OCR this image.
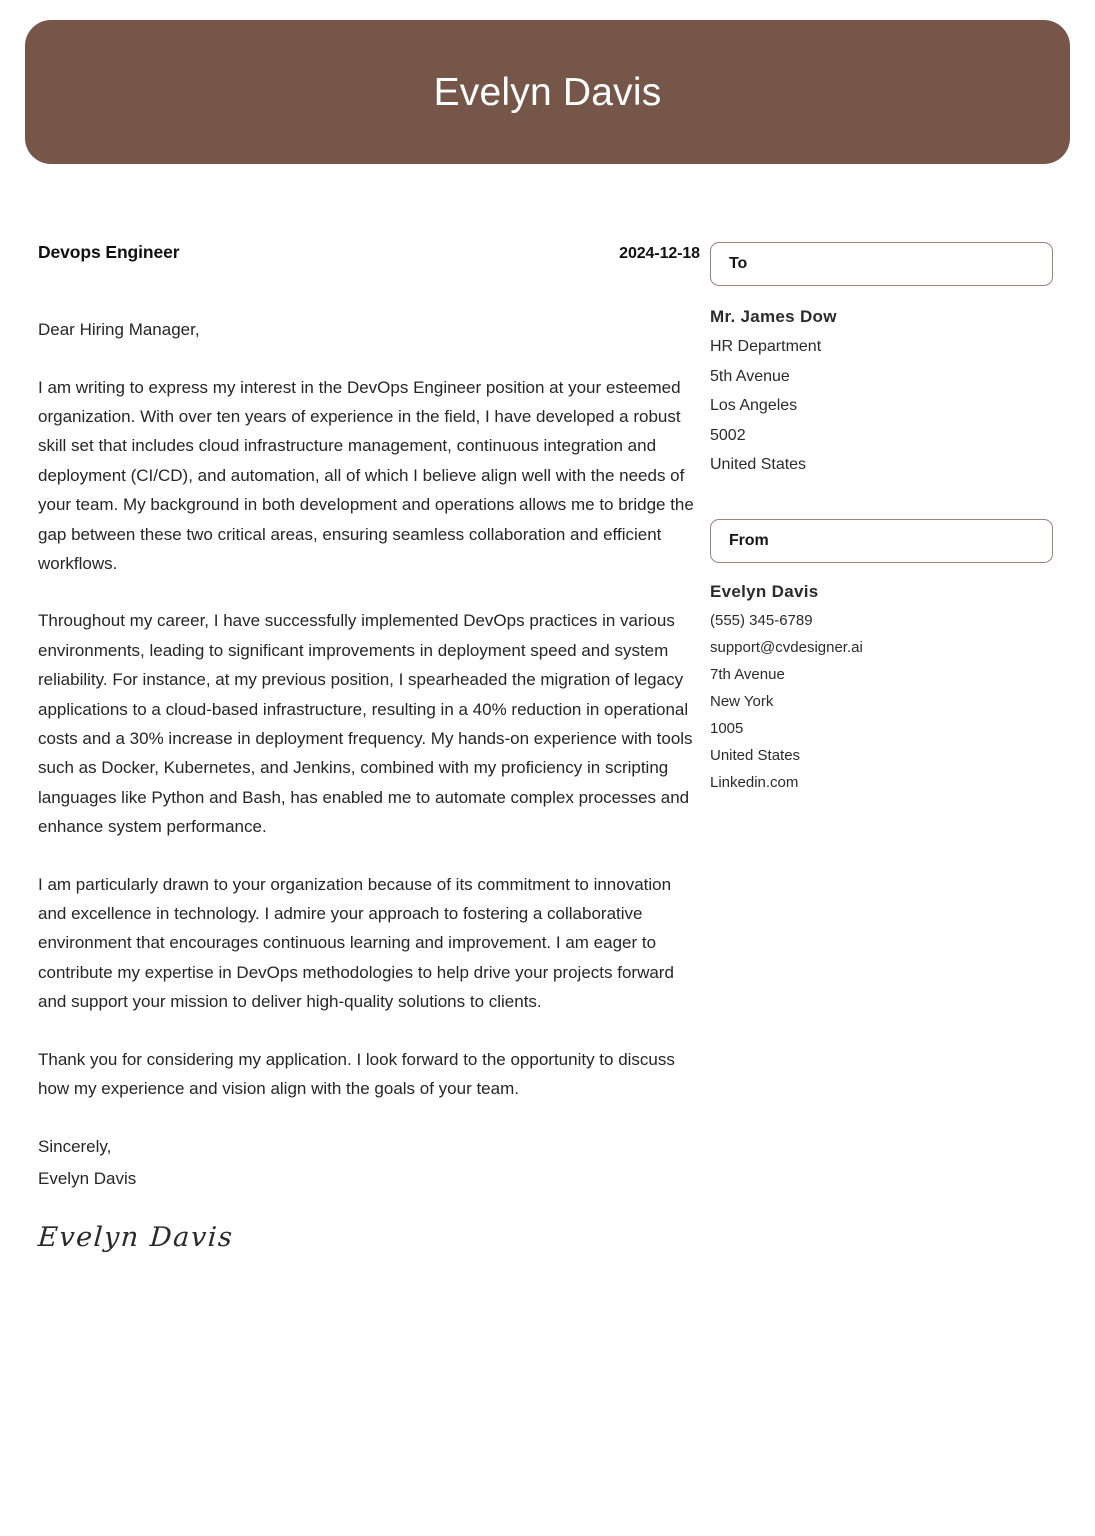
Evelyn Davis
Devops Engineer	2024-12-18
Dear Hiring Manager,

I am writing to express my interest in the DevOps Engineer position at your esteemed organization. With over ten years of experience in the field, I have developed a robust skill set that includes cloud infrastructure management, continuous integration and deployment (CI/CD), and automation, all of which I believe align well with the needs of your team. My background in both development and operations allows me to bridge the gap between these two critical areas, ensuring seamless collaboration and efficient workflows.

Throughout my career, I have successfully implemented DevOps practices in various environments, leading to significant improvements in deployment speed and system reliability. For instance, at my previous position, I spearheaded the migration of legacy applications to a cloud-based infrastructure, resulting in a 40% reduction in operational costs and a 30% increase in deployment frequency. My hands-on experience with tools such as Docker, Kubernetes, and Jenkins, combined with my proficiency in scripting languages like Python and Bash, has enabled me to automate complex processes and enhance system performance.

I am particularly drawn to your organization because of its commitment to innovation and excellence in technology. I admire your approach to fostering a collaborative environment that encourages continuous learning and improvement. I am eager to contribute my expertise in DevOps methodologies to help drive your projects forward and support your mission to deliver high-quality solutions to clients.

Thank you for considering my application. I look forward to the opportunity to discuss how my experience and vision align with the goals of your team.

Sincerely,
Evelyn Davis
Evelyn Davis
To
Mr. James Dow
HR Department
5th Avenue
Los Angeles
5002
United States
From
Evelyn Davis
(555) 345-6789
support@cvdesigner.ai
7th Avenue
New York
1005
United States
Linkedin.com
